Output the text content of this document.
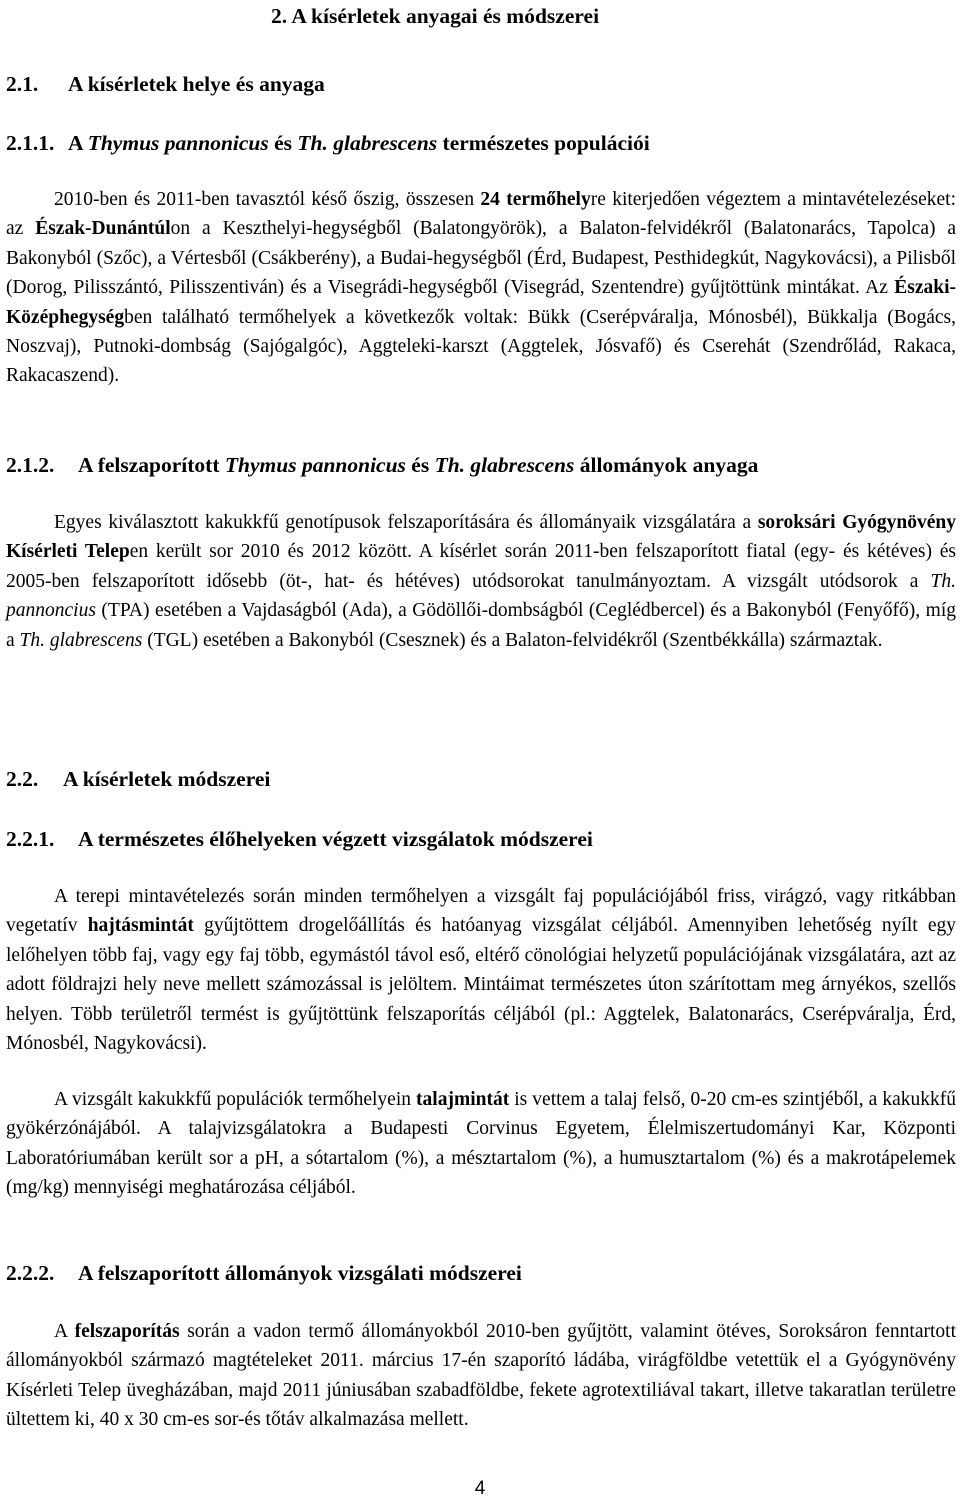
2. A kísérletek anyagai és módszerei
2.1. A kísérletek helye és anyaga
2.1.1. A Thymus pannonicus és Th. glabrescens természetes populációi

2010-ben és 2011-ben tavasztól késő őszig, összesen 24 termőhelyre kiterjedően végeztem a mintavételezéseket: az Észak-Dunántúlon a Keszthelyi-hegységből (Balatongyörök), a Balaton-felvidékről (Balatonarács, Tapolca) a Bakonyból (Szőc), a Vértesből (Csákberény), a Budai-hegységből (Érd, Budapest, Pesthidegkút, Nagykovácsi), a Pilisből (Dorog, Pilisszántó, Pilisszentiván) és a Visegrádi-hegységből (Visegrád, Szentendre) gyűjtöttünk mintákat. Az Északi-Középhegységben található termőhelyek a következők voltak: Bükk (Cserépváralja, Mónosbél), Bükkalja (Bogács, Noszvaj), Putnoki-dombság (Sajógalgóc), Aggteleki-karszt (Aggtelek, Jósvafő) és Cserehát (Szendrőlád, Rakaca, Rakacaszend).

2.1.2. A felszaporított Thymus pannonicus és Th. glabrescens állományok anyaga

Egyes kiválasztott kakukkfű genotípusok felszaporítására és állományaik vizsgálatára a soroksári Gyógynövény Kísérleti Telepen került sor 2010 és 2012 között. A kísérlet során 2011-ben felszaporított fiatal (egy- és kétéves) és 2005-ben felszaporított idősebb (öt-, hat- és hétéves) utódsorokat tanulmányoztam. A vizsgált utódsorok a Th. pannoncius (TPA) esetében a Vajdaságból (Ada), a Gödöllői-dombságból (Ceglédbercel) és a Bakonyból (Fenyőfő), míg a Th. glabrescens (TGL) esetében a Bakonyból (Csesznek) és a Balaton-felvidékről (Szentbékkálla) származtak.

2.2. A kísérletek módszerei
2.2.1. A természetes élőhelyeken végzett vizsgálatok módszerei

A terepi mintavételezés során minden termőhelyen a vizsgált faj populációjából friss, virágzó, vagy ritkábban vegetatív hajtásmintát gyűjtöttem drogelőállítás és hatóanyag vizsgálat céljából. Amennyiben lehetőség nyílt egy lelőhelyen több faj, vagy egy faj több, egymástól távol eső, eltérő cönológiai helyzetű populációjának vizsgálatára, azt az adott földrajzi hely neve mellett számozással is jelöltem. Mintáimat természetes úton szárítottam meg árnyékos, szellős helyen. Több területről termést is gyűjtöttünk felszaporítás céljából (pl.: Aggtelek, Balatonarács, Cserépváralja, Érd, Mónosbél, Nagykovácsi).

A vizsgált kakukkfű populációk termőhelyein talajmintát is vettem a talaj felső, 0-20 cm-es szintjéből, a kakukkfű gyökérzónájából. A talajvizsgálatokra a Budapesti Corvinus Egyetem, Élelmiszertudományi Kar, Központi Laboratóriumában került sor a pH, a sótartalom (%), a mésztartalom (%), a humusztartalom (%) és a makrotápelemek (mg/kg) mennyiségi meghatározása céljából.

2.2.2. A felszaporított állományok vizsgálati módszerei

A felszaporítás során a vadon termő állományokból 2010-ben gyűjtött, valamint ötéves, Soroksáron fenntartott állományokból származó magtételeket 2011. március 17-én szaporító ládába, virágföldbe vetettük el a Gyógynövény Kísérleti Telep üvegházában, majd 2011 júniusában szabadföldbe, fekete agrotextiliával takart, illetve takaratlan területre ültettem ki, 40 x 30 cm-es sor-és tőtáv alkalmazása mellett.

4
